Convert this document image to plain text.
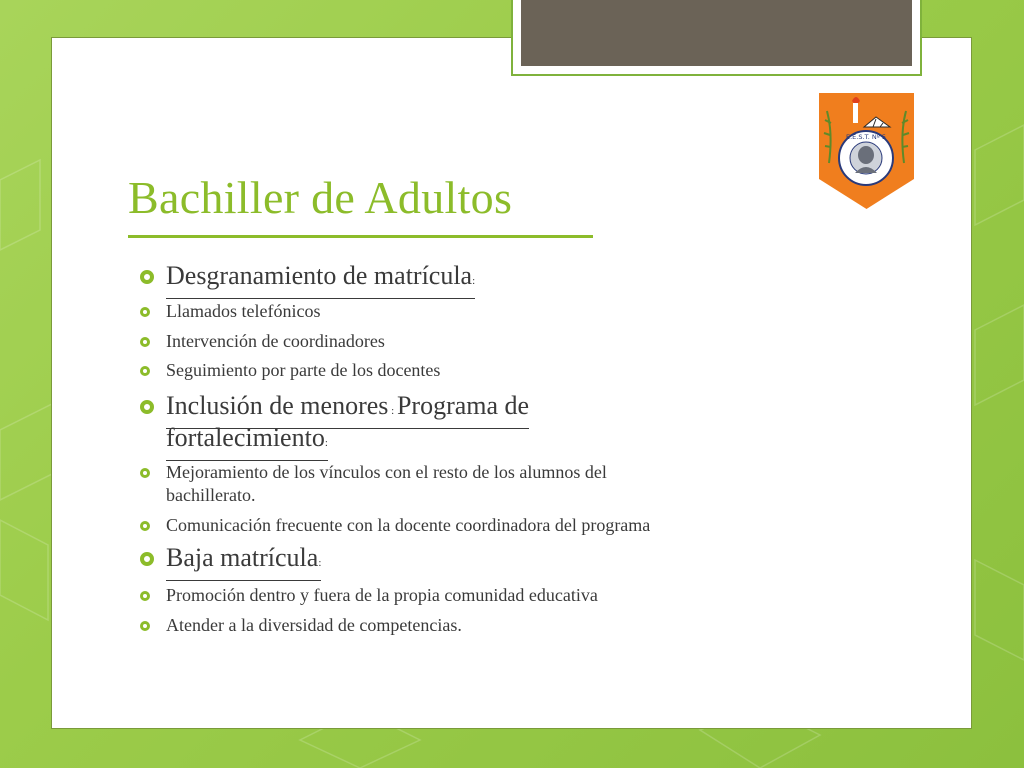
E.E.S.T. Nº 5
Bachiller de Adultos
Desgranamiento de matrícula:
Llamados telefónicos
Intervención de coordinadores
Seguimiento por parte de los docentes
Inclusión de menores : Programa de
fortalecimiento:
Mejoramiento de los vínculos con el resto de los alumnos del
bachillerato.
Comunicación frecuente con la docente coordinadora del programa
Baja matrícula:
Promoción dentro y fuera de la propia comunidad educativa
Atender a la diversidad de competencias.
